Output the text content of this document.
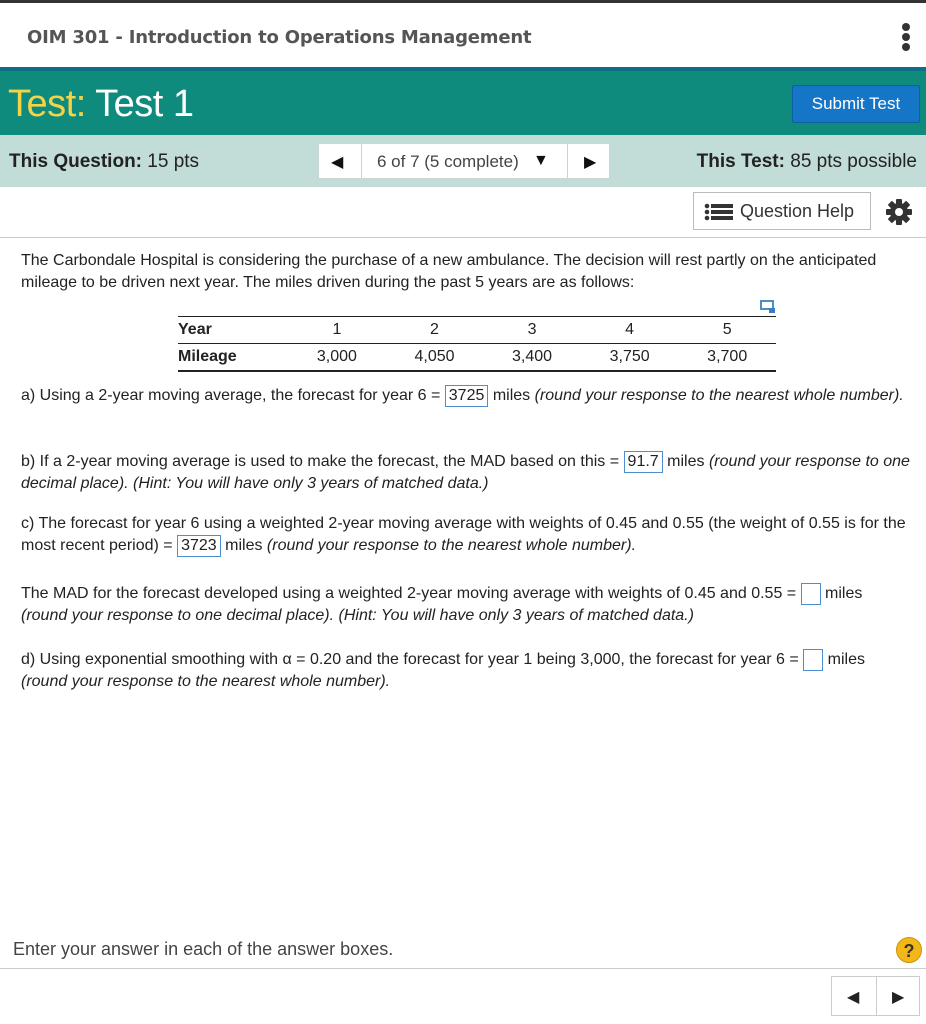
OIM 301 - Introduction to Operations Management
Test: Test 1	Submit Test
This Question: 15 pts	◀ 6 of 7 (5 complete) ▼ ▶	This Test: 85 pts possible
Question Help

The Carbondale Hospital is considering the purchase of a new ambulance. The decision will rest partly on the anticipated mileage to be driven next year. The miles driven during the past 5 years are as follows:

Year	1	2	3	4	5
Mileage	3,000	4,050	3,400	3,750	3,700

a) Using a 2-year moving average, the forecast for year 6 = 3725 miles (round your response to the nearest whole number).

b) If a 2-year moving average is used to make the forecast, the MAD based on this = 91.7 miles (round your response to one decimal place). (Hint: You will have only 3 years of matched data.)

c) The forecast for year 6 using a weighted 2-year moving average with weights of 0.45 and 0.55 (the weight of 0.55 is for the most recent period) = 3723 miles (round your response to the nearest whole number).

The MAD for the forecast developed using a weighted 2-year moving average with weights of 0.45 and 0.55 = miles (round your response to one decimal place). (Hint: You will have only 3 years of matched data.)

d) Using exponential smoothing with α = 0.20 and the forecast for year 1 being 3,000, the forecast for year 6 = miles (round your response to the nearest whole number).

Enter your answer in each of the answer boxes.	?
◀ ▶
